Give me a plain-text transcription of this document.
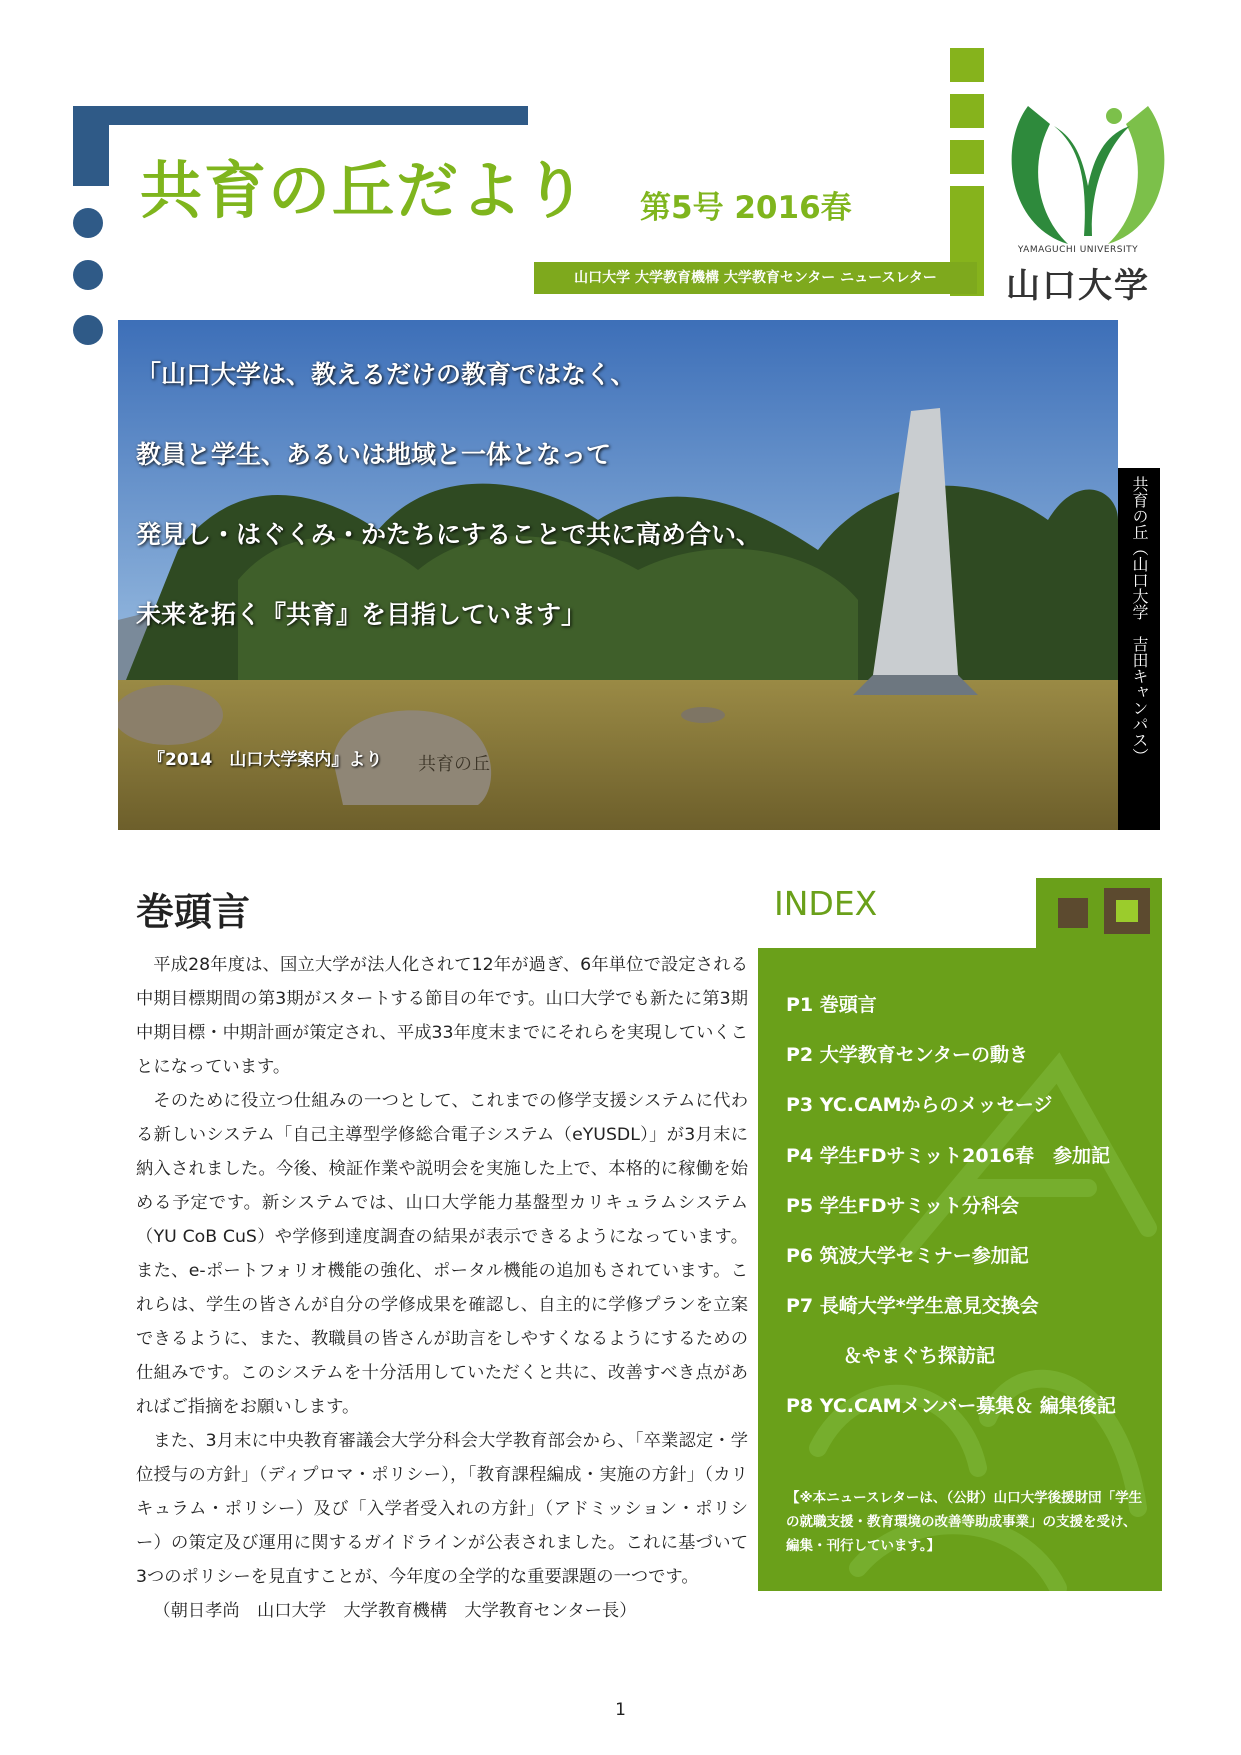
共育の丘だより 第5号 2016春
山口大学 大学教育機構 大学教育センター ニュースレター
YAMAGUCHI UNIVERSITY
山口大学
共育の丘
「山口大学は、教えるだけの教育ではなく、
教員と学生、あるいは地域と一体となって
発見し・はぐくみ・かたちにすることで共に高め合い、
未来を拓く『共育』を目指しています」
『2014　山口大学案内』より	共育の丘（山口大学　吉田キャンパス）
巻頭言

平成28年度は、国立大学が法人化されて12年が過ぎ、6年単位で設定される中期目標期間の第3期がスタートする節目の年です。山口大学でも新たに第3期中期目標・中期計画が策定され、平成33年度末までにそれらを実現していくことになっています。

そのために役立つ仕組みの一つとして、これまでの修学支援システムに代わる新しいシステム「自己主導型学修総合電子システム（eYUSDL）」が3月末に納入されました。今後、検証作業や説明会を実施した上で、本格的に稼働を始める予定です。新システムでは、山口大学能力基盤型カリキュラムシステム（YU CoB CuS）や学修到達度調査の結果が表示できるようになっています。また、e-ポートフォリオ機能の強化、ポータル機能の追加もされています。これらは、学生の皆さんが自分の学修成果を確認し、自主的に学修プランを立案できるように、また、教職員の皆さんが助言をしやすくなるようにするための仕組みです。このシステムを十分活用していただくと共に、改善すべき点があればご指摘をお願いします。

また、3月末に中央教育審議会大学分科会大学教育部会から、「卒業認定・学位授与の方針」（ディプロマ・ポリシー），「教育課程編成・実施の方針」（カリキュラム・ポリシー）及び「入学者受入れの方針」（アドミッション・ポリシー）の策定及び運用に関するガイドラインが公表されました。これに基づいて3つのポリシーを見直すことが、今年度の全学的な重要課題の一つです。

（朝日孝尚　山口大学　大学教育機構　大学教育センター長）

INDEX
P1 巻頭言
P2 大学教育センターの動き
P3 YC.CAMからのメッセージ
P4 学生FDサミット2016春　参加記
P5 学生FDサミット分科会
P6 筑波大学セミナー参加記
P7 長崎大学*学生意見交換会
　　　＆やまぐち探訪記
P8 YC.CAMメンバー募集＆ 編集後記
【※本ニュースレターは、（公財）山口大学後援財団「学生の就職支援・教育環境の改善等助成事業」の支援を受け、編集・刊行しています。】
1
